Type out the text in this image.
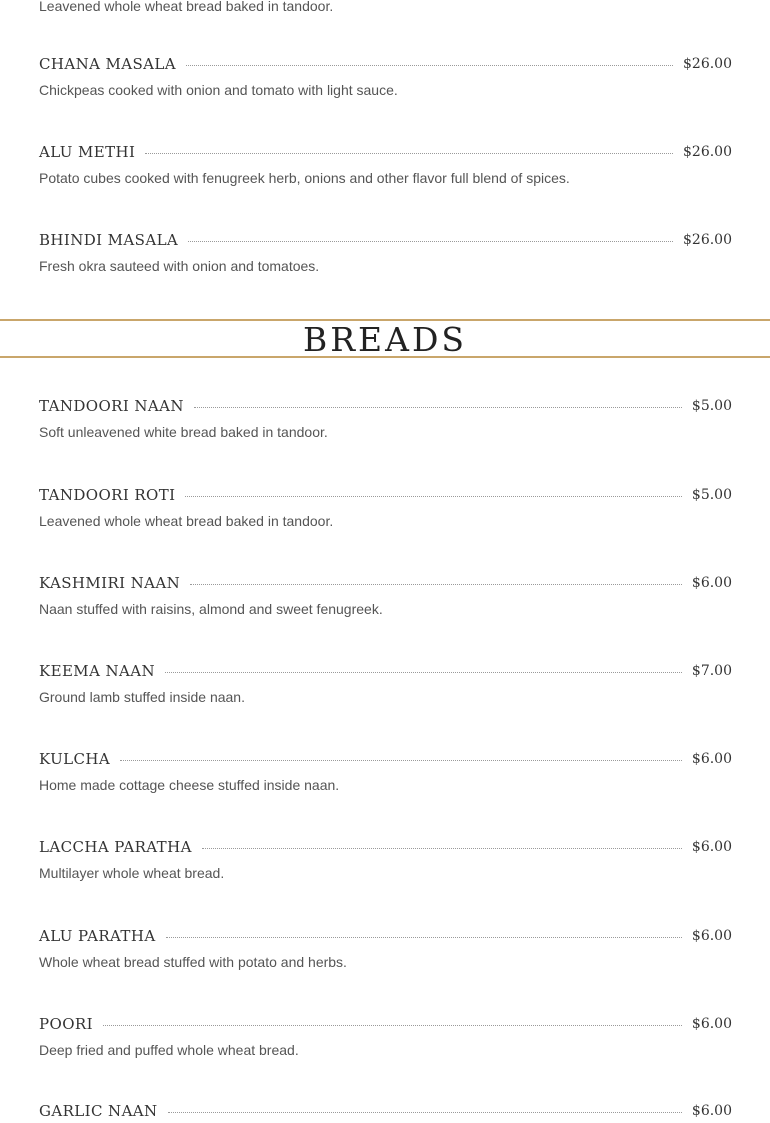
Leavened whole wheat bread baked in tandoor.
CHANA MASALA	$26.00
Chickpeas cooked with onion and tomato with light sauce.
ALU METHI	$26.00
Potato cubes cooked with fenugreek herb, onions and other flavor full blend of spices.
BHINDI MASALA	$26.00
Fresh okra sauteed with onion and tomatoes.
BREADS
TANDOORI NAAN	$5.00
Soft unleavened white bread baked in tandoor.
TANDOORI ROTI	$5.00
Leavened whole wheat bread baked in tandoor.
KASHMIRI NAAN	$6.00
Naan stuffed with raisins, almond and sweet fenugreek.
KEEMA NAAN	$7.00
Ground lamb stuffed inside naan.
KULCHA	$6.00
Home made cottage cheese stuffed inside naan.
LACCHA PARATHA	$6.00
Multilayer whole wheat bread.
ALU PARATHA	$6.00
Whole wheat bread stuffed with potato and herbs.
POORI	$6.00
Deep fried and puffed whole wheat bread.
GARLIC NAAN	$6.00
